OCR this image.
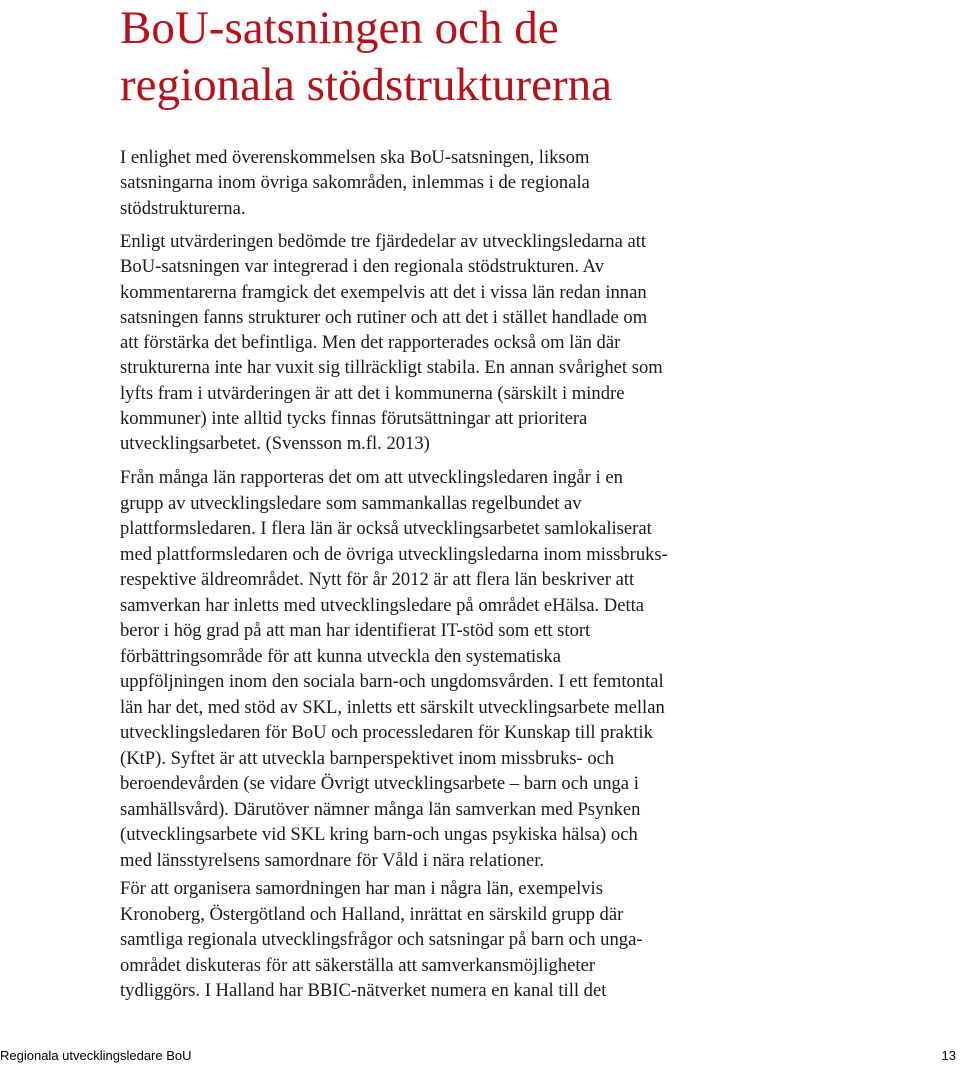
BoU-satsningen och de
regionala stödstrukturerna

I enlighet med överenskommelsen ska BoU-satsningen, liksom

satsningarna inom övriga sakområden, inlemmas i de regionala

stödstrukturerna.

Enligt utvärderingen bedömde tre fjärdedelar av utvecklingsledarna att

BoU-satsningen var integrerad i den regionala stödstrukturen. Av

kommentarerna framgick det exempelvis att det i vissa län redan innan

satsningen fanns strukturer och rutiner och att det i stället handlade om

att förstärka det befintliga. Men det rapporterades också om län där

strukturerna inte har vuxit sig tillräckligt stabila. En annan svårighet som

lyfts fram i utvärderingen är att det i kommunerna (särskilt i mindre

kommuner) inte alltid tycks finnas förutsättningar att prioritera

utvecklingsarbetet. (Svensson m.fl. 2013)

Från många län rapporteras det om att utvecklingsledaren ingår i en

grupp av utvecklingsledare som sammankallas regelbundet av

plattformsledaren. I flera län är också utvecklingsarbetet samlokaliserat

med plattformsledaren och de övriga utvecklingsledarna inom missbruks-

respektive äldreområdet. Nytt för år 2012 är att flera län beskriver att

samverkan har inletts med utvecklingsledare på området eHälsa. Detta

beror i hög grad på att man har identifierat IT-stöd som ett stort

förbättringsområde för att kunna utveckla den systematiska

uppföljningen inom den sociala barn-och ungdomsvården. I ett femtontal

län har det, med stöd av SKL, inletts ett särskilt utvecklingsarbete mellan

utvecklingsledaren för BoU och processledaren för Kunskap till praktik

(KtP). Syftet är att utveckla barnperspektivet inom missbruks- och

beroendevården (se vidare Övrigt utvecklingsarbete – barn och unga i

samhällsvård). Därutöver nämner många län samverkan med Psynken

(utvecklingsarbete vid SKL kring barn-och ungas psykiska hälsa) och

med länsstyrelsens samordnare för Våld i nära relationer.

För att organisera samordningen har man i några län, exempelvis

Kronoberg, Östergötland och Halland, inrättat en särskild grupp där

samtliga regionala utvecklingsfrågor och satsningar på barn och unga-

området diskuteras för att säkerställa att samverkansmöjligheter

tydliggörs. I Halland har BBIC-nätverket numera en kanal till det

Regionala utvecklingsledare BoU	13
